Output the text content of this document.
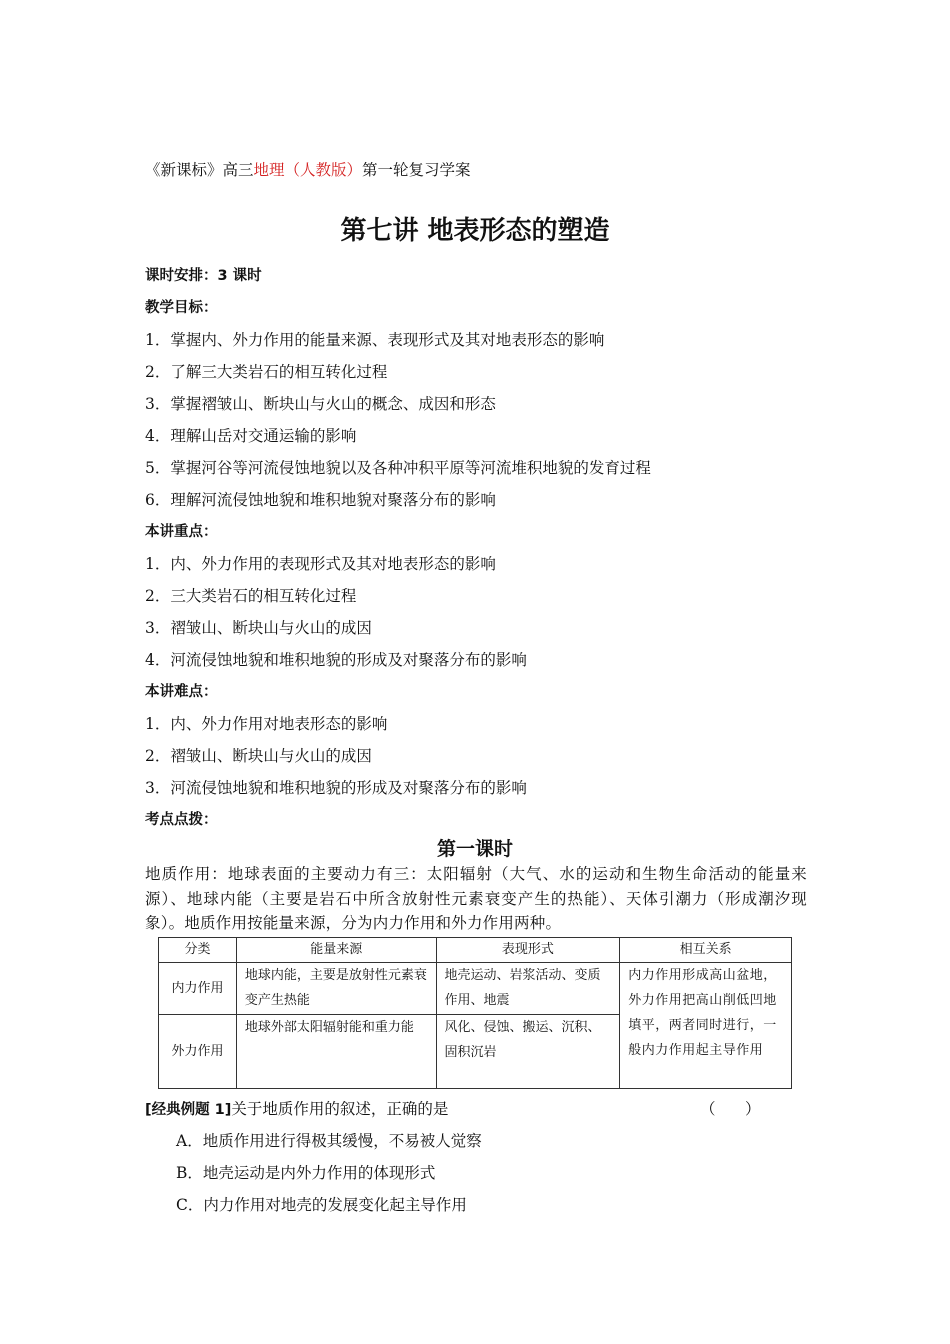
《新课标》高三地理（人教版）第一轮复习学案
第七讲 地表形态的塑造
课时安排：3 课时
教学目标：
1．掌握内、外力作用的能量来源、表现形式及其对地表形态的影响
2．了解三大类岩石的相互转化过程
3．掌握褶皱山、断块山与火山的概念、成因和形态
4．理解山岳对交通运输的影响
5．掌握河谷等河流侵蚀地貌以及各种冲积平原等河流堆积地貌的发育过程
6．理解河流侵蚀地貌和堆积地貌对聚落分布的影响
本讲重点：
1．内、外力作用的表现形式及其对地表形态的影响
2．三大类岩石的相互转化过程
3．褶皱山、断块山与火山的成因
4．河流侵蚀地貌和堆积地貌的形成及对聚落分布的影响
本讲难点：
1．内、外力作用对地表形态的影响
2．褶皱山、断块山与火山的成因
3．河流侵蚀地貌和堆积地貌的形成及对聚落分布的影响
考点点拨：
第一课时
地质作用：地球表面的主要动力有三：太阳辐射（大气、水的运动和生物生命活动的能量来源）、地球内能（主要是岩石中所含放射性元素衰变产生的热能）、天体引潮力（形成潮汐现象）。地质作用按能量来源，分为内力作用和外力作用两种。
分类	能量来源	表现形式	相互关系
内力作用	地球内能，主要是放射性元素衰变产生热能	地壳运动、岩浆活动、变质作用、地震	内力作用形成高山盆地，外力作用把高山削低凹地填平，两者同时进行，一般内力作用起主导作用
外力作用	地球外部太阳辐射能和重力能	风化、侵蚀、搬运、沉积、固积沉岩	
[经典例题 1]关于地质作用的叙述，正确的是	（      ）
A．地质作用进行得极其缓慢，不易被人觉察
B．地壳运动是内外力作用的体现形式
C．内力作用对地壳的发展变化起主导作用
